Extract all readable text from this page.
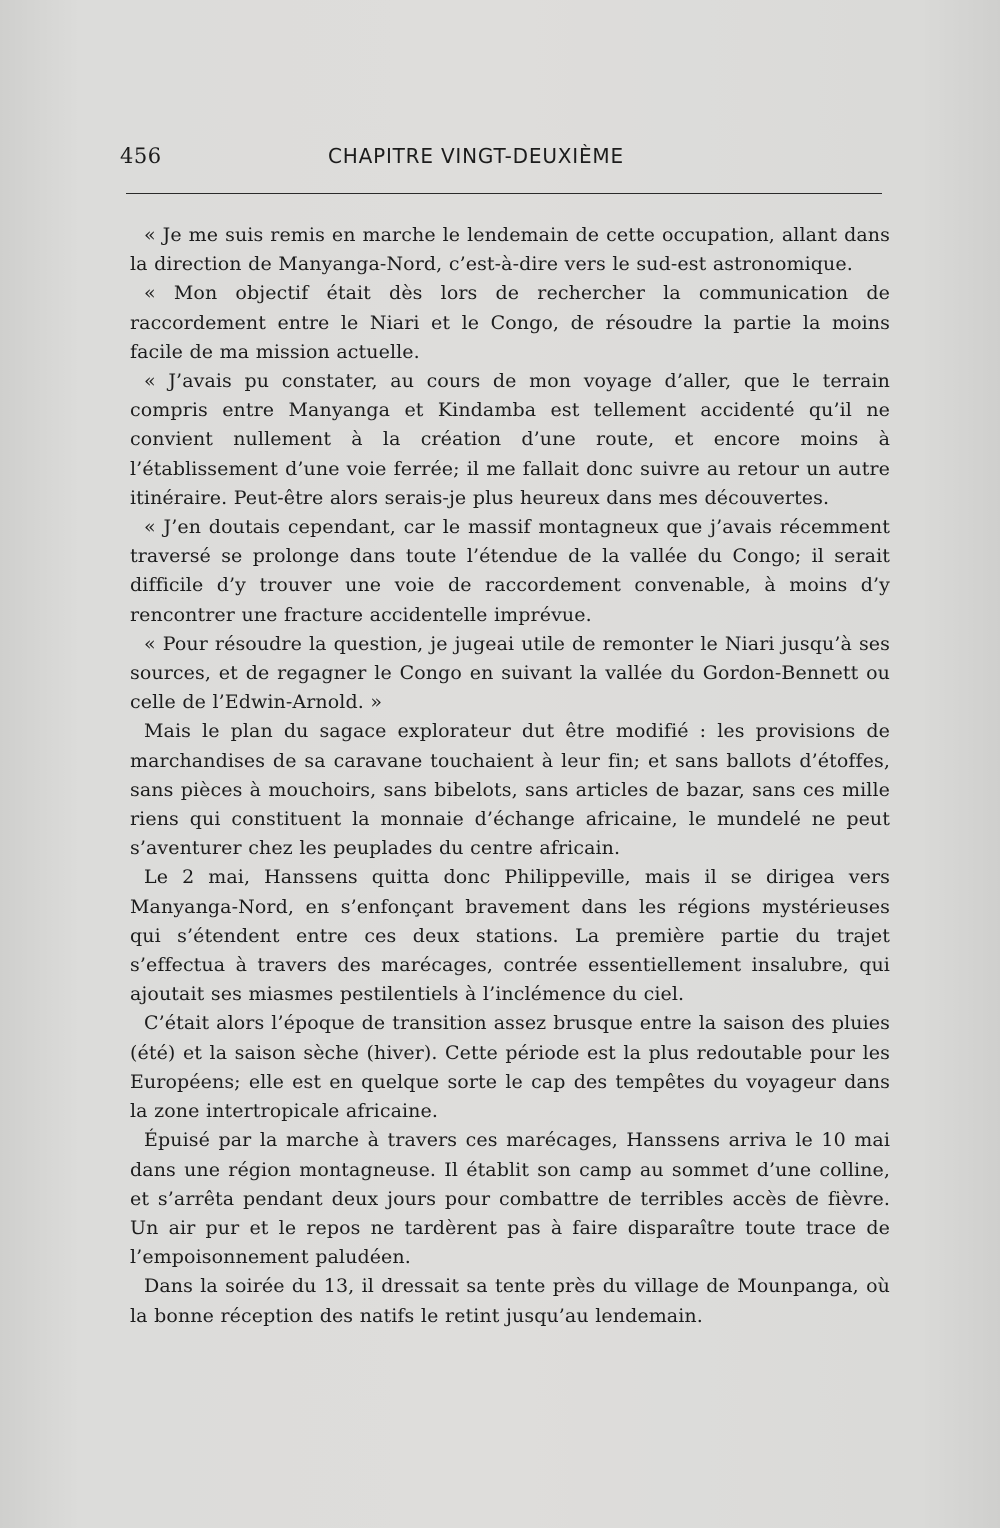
456	CHAPITRE VINGT-DEUXIÈME

« Je me suis remis en marche le lendemain de cette occupation, allant dans la direction de Manyanga-Nord, c’est-à-dire vers le sud-est astronomique.

« Mon objectif était dès lors de rechercher la communication de raccordement entre le Niari et le Congo, de résoudre la partie la moins facile de ma mission actuelle.

« J’avais pu constater, au cours de mon voyage d’aller, que le terrain compris entre Manyanga et Kindamba est tellement accidenté qu’il ne convient nullement à la création d’une route, et encore moins à l’établissement d’une voie ferrée; il me fallait donc suivre au retour un autre itinéraire. Peut-être alors serais-je plus heureux dans mes découvertes.

« J’en doutais cependant, car le massif montagneux que j’avais récemment traversé se prolonge dans toute l’étendue de la vallée du Congo; il serait difficile d’y trouver une voie de raccordement convenable, à moins d’y rencontrer une fracture accidentelle imprévue.

« Pour résoudre la question, je jugeai utile de remonter le Niari jusqu’à ses sources, et de regagner le Congo en suivant la vallée du Gordon-Bennett ou celle de l’Edwin-Arnold. »

Mais le plan du sagace explorateur dut être modifié : les provisions de marchandises de sa caravane touchaient à leur fin; et sans ballots d’étoffes, sans pièces à mouchoirs, sans bibelots, sans articles de bazar, sans ces mille riens qui constituent la monnaie d’échange africaine, le mundelé ne peut s’aventurer chez les peuplades du centre africain.

Le 2 mai, Hanssens quitta donc Philippeville, mais il se dirigea vers Manyanga-Nord, en s’enfonçant bravement dans les régions mystérieuses qui s’étendent entre ces deux stations. La première partie du trajet s’effectua à travers des marécages, contrée essentiellement insalubre, qui ajoutait ses miasmes pestilentiels à l’inclémence du ciel.

C’était alors l’époque de transition assez brusque entre la saison des pluies (été) et la saison sèche (hiver). Cette période est la plus redoutable pour les Européens; elle est en quelque sorte le cap des tempêtes du voyageur dans la zone intertropicale africaine.

Épuisé par la marche à travers ces marécages, Hanssens arriva le 10 mai dans une région montagneuse. Il établit son camp au sommet d’une colline, et s’arrêta pendant deux jours pour combattre de terribles accès de fièvre. Un air pur et le repos ne tardèrent pas à faire disparaître toute trace de l’empoisonnement paludéen.

Dans la soirée du 13, il dressait sa tente près du village de Mounpanga, où la bonne réception des natifs le retint jusqu’au lendemain.
